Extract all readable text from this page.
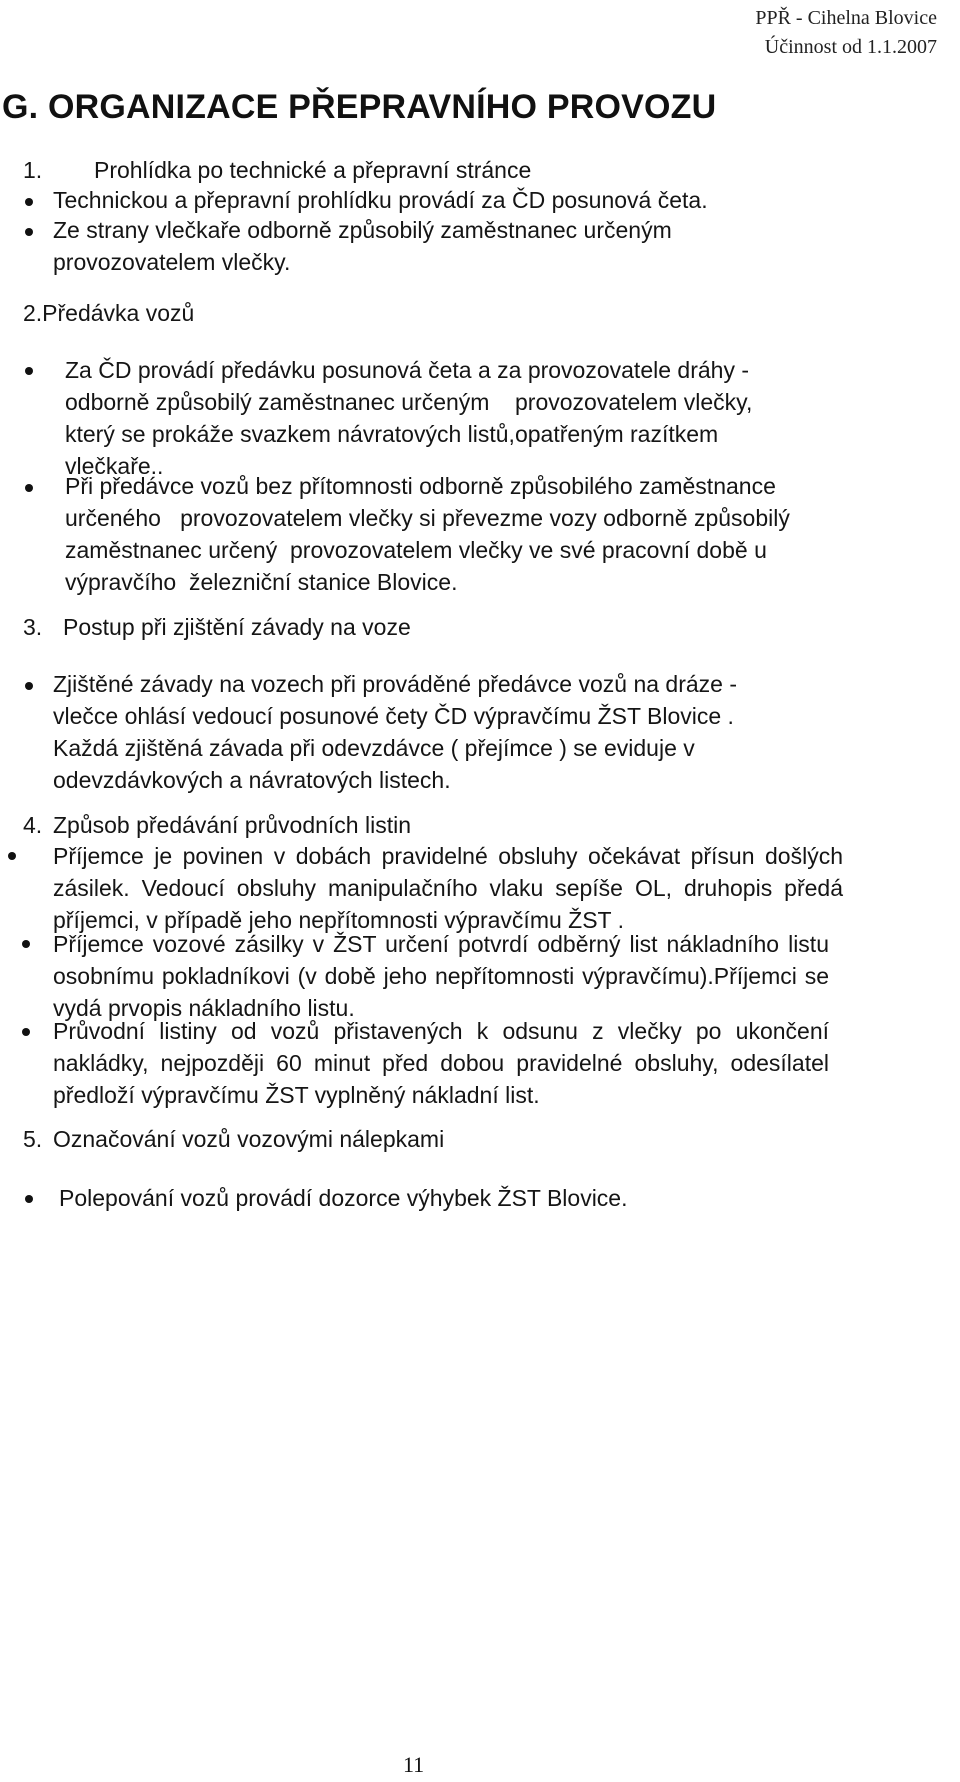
PPŘ - Cihelna Blovice
Účinnost od 1.1.2007
G. ORGANIZACE PŘEPRAVNÍHO PROVOZU
1. Prohlídka po technické a přepravní stránce
Technickou a přepravní prohlídku provádí za ČD posunová četa.
Ze strany vlečkaře odborně způsobilý zaměstnanec určeným provozovatelem vlečky.
2.Předávka vozů
Za ČD provádí předávku posunová četa a za provozovatele dráhy - odborně způsobilý zaměstnanec určeným    provozovatelem vlečky, který se prokáže svazkem návratových listů,opatřeným razítkem vlečkaře..
Při předávce vozů bez přítomnosti odborně způsobilého zaměstnance určeného   provozovatelem vlečky si převezme vozy odborně způsobilý zaměstnanec určený  provozovatelem vlečky ve své pracovní době u výpravčího  železniční stanice Blovice.
3. Postup při zjištění závady na voze
Zjištěné závady na vozech při prováděné předávce vozů na dráze - vlečce ohlásí vedoucí posunové čety ČD výpravčímu ŽST Blovice . Každá zjištěná závada při odevzdávce ( přejímce ) se eviduje v odevzdávkových a návratových listech.
4. Způsob předávání průvodních listin
Příjemce je povinen v dobách pravidelné obsluhy očekávat přísun došlých zásilek. Vedoucí obsluhy manipulačního vlaku sepíše OL, druhopis předá příjemci, v případě jeho nepřítomnosti výpravčímu ŽST .
Příjemce vozové zásilky v ŽST určení potvrdí odběrný list nákladního listu osobnímu pokladníkovi (v době jeho nepřítomnosti výpravčímu).Příjemci se vydá prvopis nákladního listu.
Průvodní listiny od vozů přistavených k odsunu z vlečky po ukončení nakládky, nejpozději 60 minut před dobou pravidelné obsluhy, odesílatel předloží výpravčímu ŽST vyplněný nákladní list.
5. Označování vozů vozovými nálepkami
Polepování vozů provádí dozorce výhybek ŽST Blovice.
11
